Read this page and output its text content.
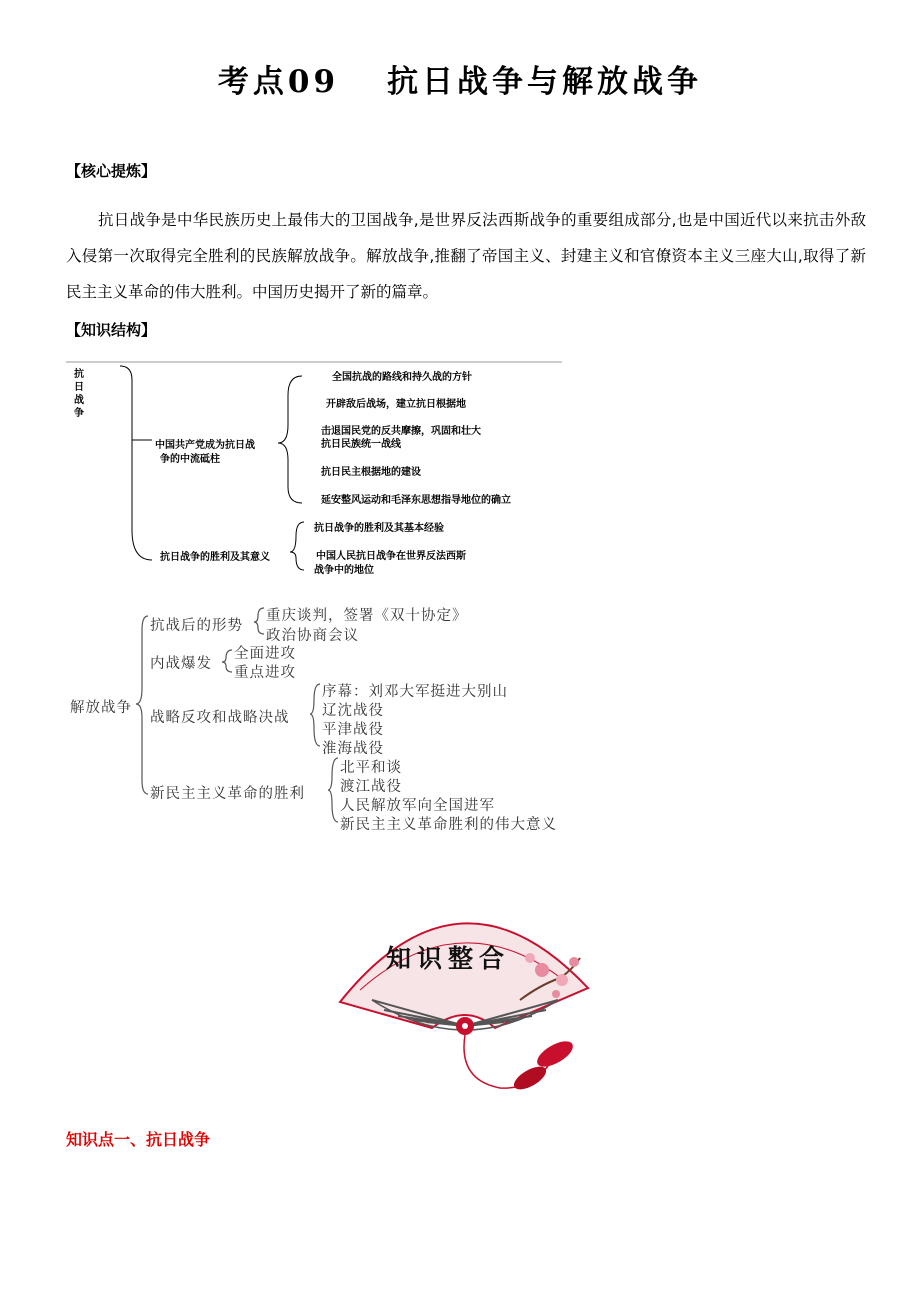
考点09 抗日战争与解放战争
【核心提炼】
抗日战争是中华民族历史上最伟大的卫国战争,是世界反法西斯战争的重要组成部分,也是中国近代以来抗击外敌入侵第一次取得完全胜利的民族解放战争。解放战争,推翻了帝国主义、封建主义和官僚资本主义三座大山,取得了新民主主义革命的伟大胜利。中国历史揭开了新的篇章。
【知识结构】
抗
日
战
争
中国共产党成为抗日战
争的中流砥柱
全国抗战的路线和持久战的方针
开辟敌后战场，建立抗日根据地
击退国民党的反共摩擦，巩固和壮大
抗日民族统一战线
抗日民主根据地的建设
延安整风运动和毛泽东思想指导地位的确立
抗日战争的胜利及其意义
抗日战争的胜利及其基本经验
中国人民抗日战争在世界反法西斯
战争中的地位
解放战争
抗战后的形势
重庆谈判，签署《双十协定》
政治协商会议
内战爆发
全面进攻
重点进攻
战略反攻和战略决战
序幕：刘邓大军挺进大别山
辽沈战役
平津战役
淮海战役
新民主主义革命的胜利
北平和谈
渡江战役
人民解放军向全国进军
新民主主义革命胜利的伟大意义
知识整合
知识点一、抗日战争
